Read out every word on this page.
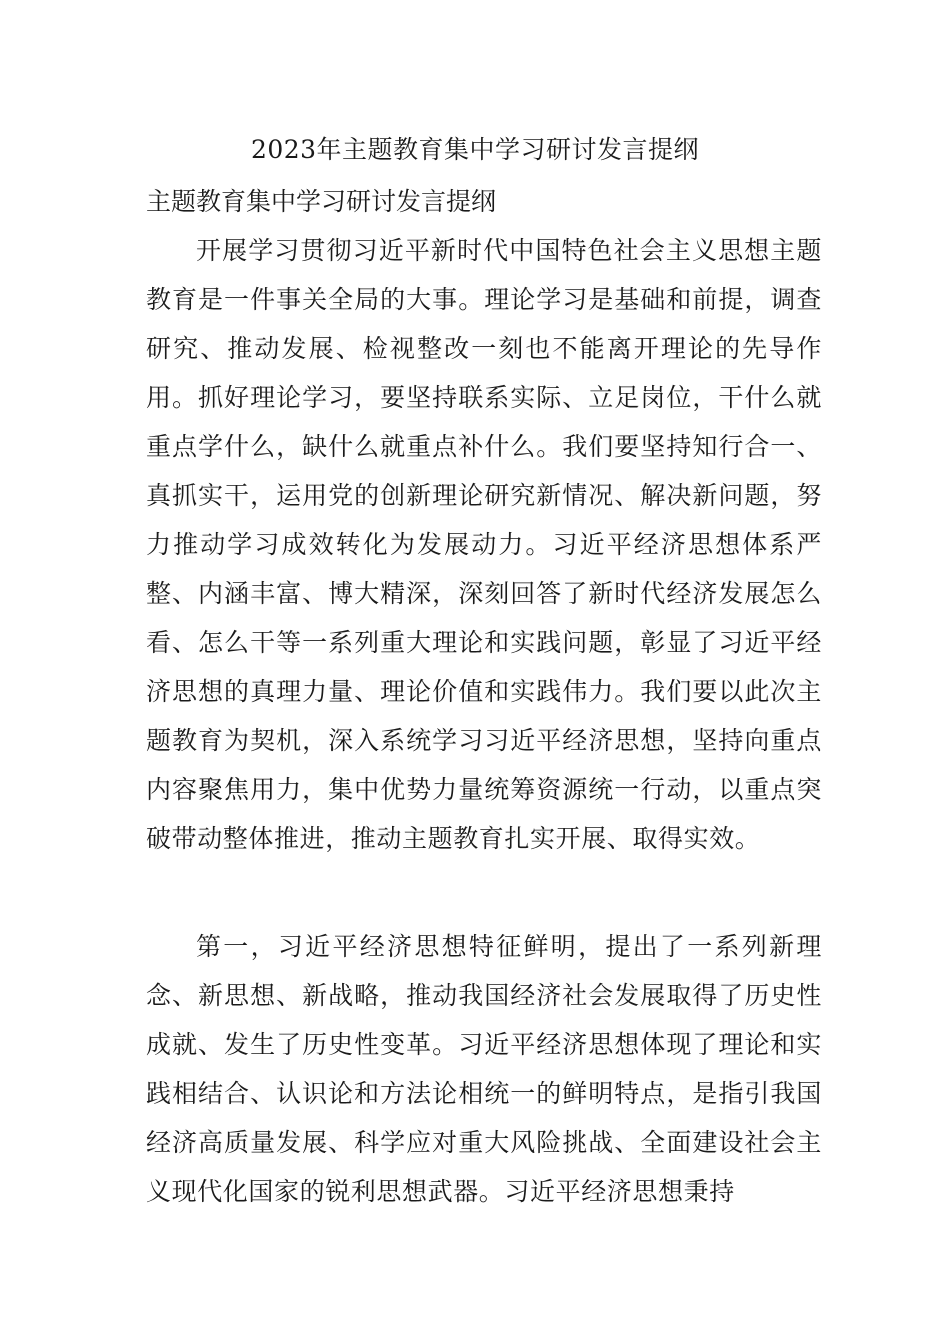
2023年主题教育集中学习研讨发言提纲
主题教育集中学习研讨发言提纲

开展学习贯彻习近平新时代中国特色社会主义思想主题教育是一件事关全局的大事。理论学习是基础和前提，调查研究、推动发展、检视整改一刻也不能离开理论的先导作用。抓好理论学习，要坚持联系实际、立足岗位，干什么就重点学什么，缺什么就重点补什么。我们要坚持知行合一、真抓实干，运用党的创新理论研究新情况、解决新问题，努力推动学习成效转化为发展动力。习近平经济思想体系严整、内涵丰富、博大精深，深刻回答了新时代经济发展怎么看、怎么干等一系列重大理论和实践问题，彰显了习近平经济思想的真理力量、理论价值和实践伟力。我们要以此次主题教育为契机，深入系统学习习近平经济思想，坚持向重点内容聚焦用力，集中优势力量统筹资源统一行动，以重点突破带动整体推进，推动主题教育扎实开展、取得实效。

第一，习近平经济思想特征鲜明，提出了一系列新理念、新思想、新战略，推动我国经济社会发展取得了历史性成就、发生了历史性变革。习近平经济思想体现了理论和实践相结合、认识论和方法论相统一的鲜明特点，是指引我国经济高质量发展、科学应对重大风险挑战、全面建设社会主义现代化国家的锐利思想武器。习近平经济思想秉持
